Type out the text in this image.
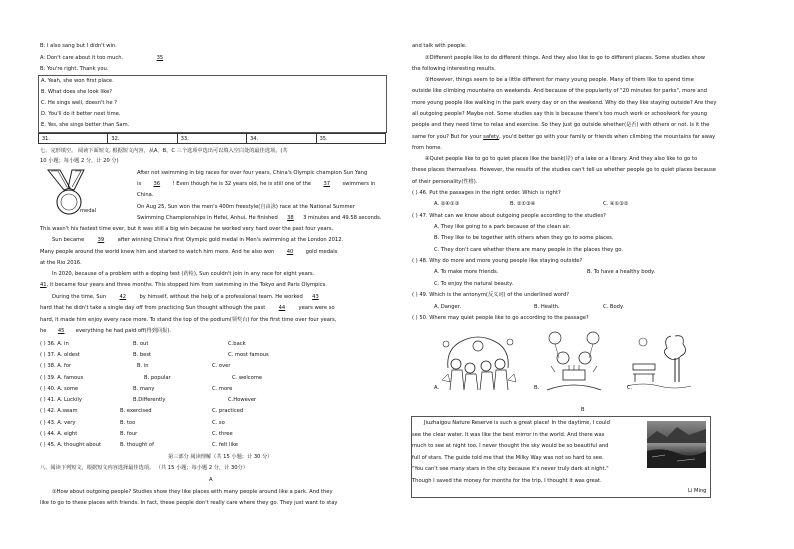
B: I also sang but I didn't win.
A: Don't care about it too much.	35
B: You're right. Thank you.
A. Yeah, she won first place.
B. What does she look like?
C. He sings well, doesn't he ?
D. You'll do it better next time.
E. Yes, she sings better than Sam.
31.	32.	33.	34.	35.
七、完形填空。 阅读下面短文, 根据短文内容，从A、B、C 三个选项中选出可以填入空白处的最佳选项。(共
10 小题；每小题 2 分，计 20 分)
medal
After not swimming in big races for over four years, China's Olympic champion Sun Yang
is 36 ! Even though he is 32 years old, he is still one of the 37 swimmers in
China.
On Aug 25, Sun won the men's 400m freestyle(自由泳) race at the National Summer
Swimming Championships in Hefei, Anhui. He finished 38 3 minutes and 49.58 seconds.
This wasn't his fastest time ever, but it was still a big win because he worked very hard over the past four years.
Sun became	39	after winning China's first Olympic gold medal in Men's swimming at the London 2012.
Many people around the world knew him and started to watch him more. And he also won 40 gold medals
at the Rio 2016.
In 2020, because of a problem with a doping test (药检), Sun couldn't join in any race for eight years.
41, it became four years and three months. This stopped him from swimming in the Tokyo and Paris Olympics.
During the time, Sun	42	by himself, without the help of a professional team. He worked 43
hard that he didn't take a single day off from practicing Sun thought although the past	44	years were so
hard, it made him enjoy every race more. To stand the top of the podium(领奖台) for the first time over four years,
he 45 everything he had paid off(得到回报).
( ) 36. A. in	B. out	C.back
( ) 37. A. oldest	B. best	C. most famous
( ) 38. A. for	B. in	C. over
( ) 39. A. famous	B. popular	C. welcome
( ) 40. A. some	B. many	C. more
( ) 41. A. Luckily	B.Differently	C.However
( ) 42. A.swam	B. exercised	C. practiced
( ) 43. A. very	B. too	C. so
( ) 44. A. eight	B. four	C. three
( ) 45. A. thought about	B. thought of	C. felt like
第三部分 阅读理解（共 15 小题；计 30 分）
八、阅读下列短文，根据短文内容选择最佳选项。 （共 15 小题；每小题 2 分，计 30分）
A
①How about outgoing people? Studies show they like places with many people around like a park. And they
like to go to these places with friends. In fact, these people don't really care where they go. They just want to stay
and talk with people.
②Different people like to do different things. And they also like to go to different places. Some studies show
the following interesting results.
③However, things seem to be a little different for many young people. Many of them like to spend time
outside like climbing mountains on weekends. And because of the popularity of "20 minutes for parks", more and
more young people like walking in the park every day or on the weekend. Why do they like staying outside? Are they
all outgoing people? Maybe not. Some studies say this is because there's too much work or schoolwork for young
people and they need time to relax and exercise. So they just go outside whether(是否) with others or not. Is it the
same for you? But for your safety, you'd better go with your family or friends when climbing the mountains far away
from home.
④Quiet people like to go to quiet places like the bank(岸) of a lake or a library. And they also like to go to
these places themselves. However, the results of the studies can't tell us whether people go to quiet places because
of their personality(性格).
( ) 46. Put the passages in the right order. Which is right?
A. ②④①③	B. ②①③④	C. ④①③②
( ) 47. What can we know about outgoing people according to the studies?
A. They like going to a park because of the clean air.
B. They like to be together with others when they go to some places.
C. They don't care whether there are many people in the places they go.
( ) 48. Why do more and more young people like staying outside?
A. To make more friends.	B. To have a healthy body.
C. To enjoy the natural beauty.
( ) 49. Which is the antonym(反义词) of the underlined word?
A. Danger.	B. Health.	C. Body.
( ) 50. Where may quiet people like to go according to the passage?
A.	B.	C.
B
Jiuzhaigou Nature Reserve is such a great place! In the daytime, I could
see the clear water. It was like the best mirror in the world. And there was
much to see at night too. I never thought the sky would be so beautiful and
full of stars. The guide told me that the Milky Way was not so hard to see.
"You can't see many stars in the city because it's never truly dark at night."
Though I saved the money for months for the trip, I thought it was great.
Li Ming
